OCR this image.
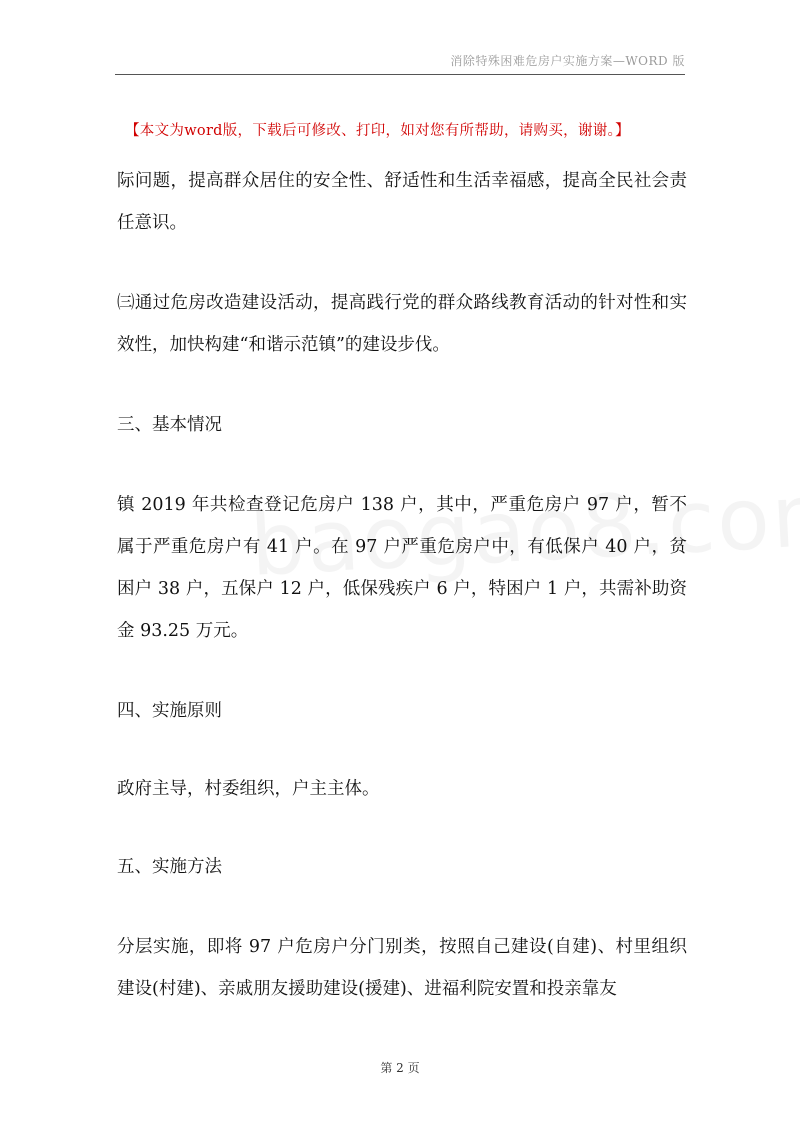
消除特殊困难危房户实施方案—WORD 版
【本文为word版，下载后可修改、打印，如对您有所帮助，请购买，谢谢。】

际问题，提高群众居住的安全性、舒适性和生活幸福感，提高全民社会责任意识。

㈢通过危房改造建设活动，提高践行党的群众路线教育活动的针对性和实效性，加快构建“和谐示范镇”的建设步伐。

三、基本情况

镇 2019 年共检查登记危房户 138 户，其中，严重危房户 97 户，暂不属于严重危房户有 41 户。在 97 户严重危房户中，有低保户 40 户，贫困户 38 户，五保户 12 户，低保残疾户 6 户，特困户 1 户，共需补助资金 93.25 万元。

四、实施原则

政府主导，村委组织，户主主体。

五、实施方法

分层实施，即将 97 户危房户分门别类，按照自己建设(自建)、村里组织建设(村建)、亲戚朋友援助建设(援建)、进福利院安置和投亲靠友

第 2 页
